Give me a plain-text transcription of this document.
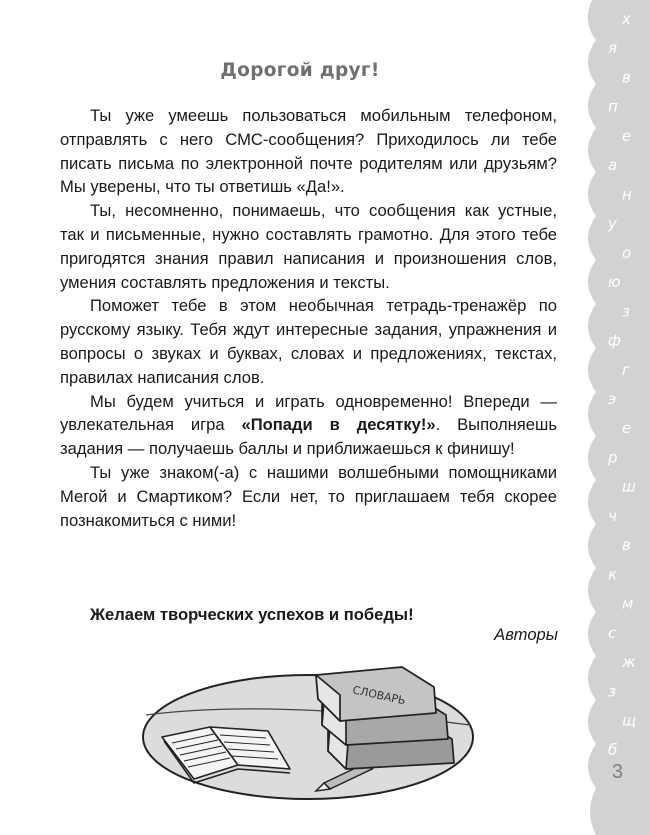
х
я
в
п
е
а
н
у
о
ю
з
ф
г
э
е
р
ш
ч
в
к
м
с
ж
з
щ
б
3
Дорогой друг!

Ты уже умеешь пользоваться мобильным телефоном, отправлять с него СМС-сообщения? Приходилось ли тебе писать письма по электронной почте родителям или друзьям? Мы уверены, что ты ответишь «Да!».

Ты, несомненно, понимаешь, что сообщения как устные, так и письменные, нужно составлять грамотно. Для этого тебе пригодятся знания правил написания и произношения слов, умения составлять предложения и тексты.

Поможет тебе в этом необычная тетрадь-тренажёр по русскому языку. Тебя ждут интересные задания, упражнения и вопросы о звуках и буквах, словах и предложениях, текстах, правилах написания слов.

Мы будем учиться и играть одновременно! Впереди — увлекательная игра «Попади в десятку!». Выполняешь задания — получаешь баллы и приближаешься к финишу!

Ты уже знаком(-а) с нашими волшебными помощниками Мегой и Смартиком? Если нет, то приглашаем тебя скорее познакомиться с ними!

Желаем творческих успехов и победы!
Авторы
СЛОВАРЬ
